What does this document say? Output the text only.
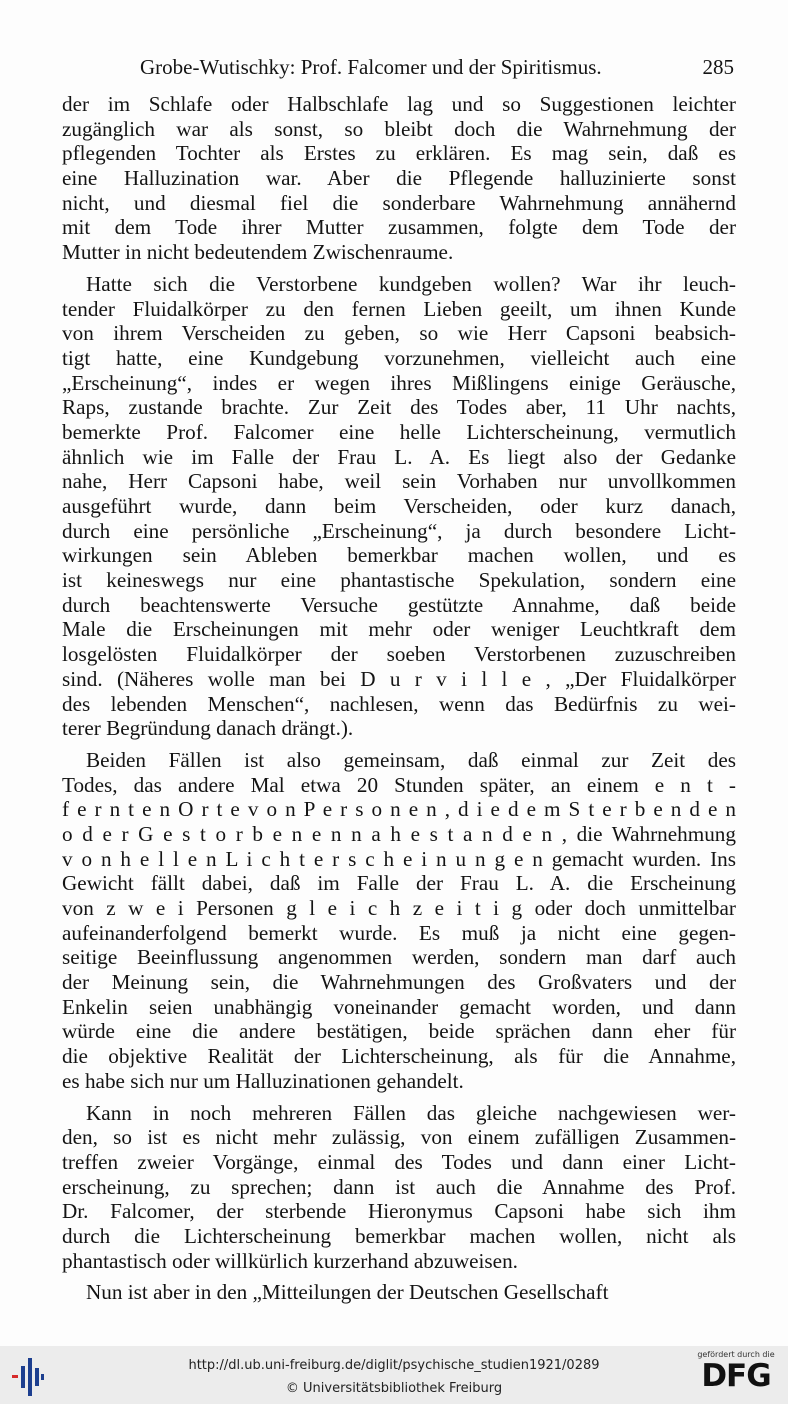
Grobe-Wutischky: Prof. Falcomer und der Spiritismus.	285
der im Schlafe oder Halbschlafe lag und so Suggestionen leichter
zugänglich war als sonst, so bleibt doch die Wahrnehmung der
pflegenden Tochter als Erstes zu erklären. Es mag sein, daß es
eine Halluzination war. Aber die Pflegende halluzinierte sonst
nicht, und diesmal fiel die sonderbare Wahrnehmung annähernd
mit dem Tode ihrer Mutter zusammen, folgte dem Tode der
Mutter in nicht bedeutendem Zwischenraume.
Hatte sich die Verstorbene kundgeben wollen? War ihr leuch-
tender Fluidalkörper zu den fernen Lieben geeilt, um ihnen Kunde
von ihrem Verscheiden zu geben, so wie Herr Capsoni beabsich-
tigt hatte, eine Kundgebung vorzunehmen, vielleicht auch eine
„Erscheinung“, indes er wegen ihres Mißlingens einige Geräusche,
Raps, zustande brachte. Zur Zeit des Todes aber, 11 Uhr nachts,
bemerkte Prof. Falcomer eine helle Lichterscheinung, vermutlich
ähnlich wie im Falle der Frau L. A. Es liegt also der Gedanke
nahe, Herr Capsoni habe, weil sein Vorhaben nur unvollkommen
ausgeführt wurde, dann beim Verscheiden, oder kurz danach,
durch eine persönliche „Erscheinung“, ja durch besondere Licht-
wirkungen sein Ableben bemerkbar machen wollen, und es
ist keineswegs nur eine phantastische Spekulation, sondern eine
durch beachtenswerte Versuche gestützte Annahme, daß beide
Male die Erscheinungen mit mehr oder weniger Leuchtkraft dem
losgelösten Fluidalkörper der soeben Verstorbenen zuzuschreiben
sind. (Näheres wolle man bei D u r v i l l e , „Der Fluidalkörper
des lebenden Menschen“, nachlesen, wenn das Bedürfnis zu wei-
terer Begründung danach drängt.).
Beiden Fällen ist also gemeinsam, daß einmal zur Zeit des
Todes, das andere Mal etwa 20 Stunden später, an einem e n t -
f e r n t e n O r t e v o n P e r s o n e n , d i e d e m S t e r b e n d e n
o d e r G e s t o r b e n e n n a h e s t a n d e n , die Wahrnehmung
v o n h e l l e n L i c h t e r s c h e i n u n g e n gemacht wurden. Ins
Gewicht fällt dabei, daß im Falle der Frau L. A. die Erscheinung
von z w e i Personen g l e i c h z e i t i g oder doch unmittelbar
aufeinanderfolgend bemerkt wurde. Es muß ja nicht eine gegen-
seitige Beeinflussung angenommen werden, sondern man darf auch
der Meinung sein, die Wahrnehmungen des Großvaters und der
Enkelin seien unabhängig voneinander gemacht worden, und dann
würde eine die andere bestätigen, beide sprächen dann eher für
die objektive Realität der Lichterscheinung, als für die Annahme,
es habe sich nur um Halluzinationen gehandelt.
Kann in noch mehreren Fällen das gleiche nachgewiesen wer-
den, so ist es nicht mehr zulässig, von einem zufälligen Zusammen-
treffen zweier Vorgänge, einmal des Todes und dann einer Licht-
erscheinung, zu sprechen; dann ist auch die Annahme des Prof.
Dr. Falcomer, der sterbende Hieronymus Capsoni habe sich ihm
durch die Lichterscheinung bemerkbar machen wollen, nicht als
phantastisch oder willkürlich kurzerhand abzuweisen.
Nun ist aber in den „Mitteilungen der Deutschen Gesellschaft
http://dl.ub.uni-freiburg.de/diglit/psychische_studien1921/0289
© Universitätsbibliothek Freiburg
gefördert durch die
DFG
